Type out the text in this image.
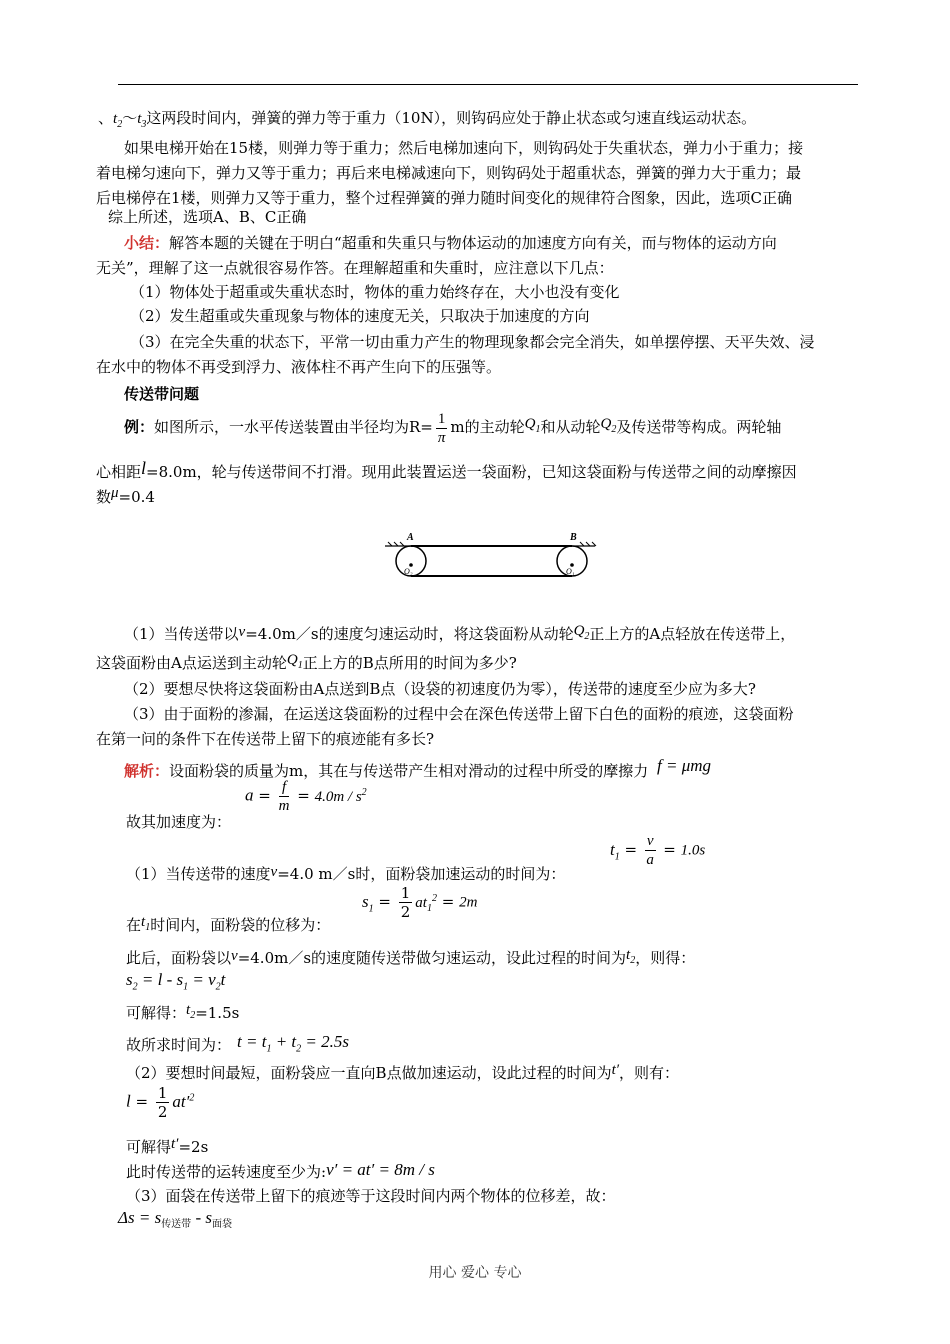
、$t_2\sim t_3$这两段时间内，弹簧的弹力等于重力（10N），则钩码应处于静止状态或匀速直线运动状态。
如果电梯开始在15楼，则弹力等于重力；然后电梯加速向下，则钩码处于失重状态，弹力小于重力；接
着电梯匀速向下，弹力又等于重力；再后来电梯减速向下，则钩码处于超重状态，弹簧的弹力大于重力；最
后电梯停在1楼，则弹力又等于重力，整个过程弹簧的弹力随时间变化的规律符合图象，因此，选项C正确
综上所述，选项A、B、C正确
小结：解答本题的关键在于明白“超重和失重只与物体运动的加速度方向有关，而与物体的运动方向
无关”，理解了这一点就很容易作答。在理解超重和失重时，应注意以下几点：
（1）物体处于超重或失重状态时，物体的重力始终存在，大小也没有变化
（2）发生超重或失重现象与物体的速度无关，只取决于加速度的方向
（3）在完全失重的状态下，平常一切由重力产生的物理现象都会完全消失，如单摆停摆、天平失效、浸
在水中的物体不再受到浮力、液体柱不再产生向下的压强等。
传送带问题
例：如图所示，一水平传送装置由半径均为$R= \frac{1}{\pi}$ m的主动轮$Q_1$和从动轮$Q_2$及传送带等构成。两轮轴
心相距l=8.0m，轮与传送带间不打滑。现用此装置运送一袋面粉，已知这袋面粉与传送带之间的动摩擦因
数μ=0.4
A	B
O₂	O₁
（1）当传送带以v=4.0m／s的速度匀速运动时，将这袋面粉从动轮$Q_2$正上方的A点轻放在传送带上，
这袋面粉由A点运送到主动轮$Q_1$正上方的B点所用的时间为多少?
（2）要想尽快将这袋面粉由A点送到B点（设袋的初速度仍为零），传送带的速度至少应为多大?
（3）由于面粉的渗漏，在运送这袋面粉的过程中会在深色传送带上留下白色的面粉的痕迹，这袋面粉
在第一问的条件下在传送带上留下的痕迹能有多长?
解析：设面粉袋的质量为m，其在与传送带产生相对滑动的过程中所受的摩擦力 f = μmg
$a = \frac{f}{m} = 4.0m / s^2$
故其加速度为：
$t_1 = \frac{v}{a} = 1.0s$
（1）当传送带的速度v=4.0 m／s时，面粉袋加速运动的时间为：
$s_1 = \frac{1}{2} at_1^2 = 2m$
在$t_1$时间内，面粉袋的位移为：
此后，面粉袋以v=4.0m／s的速度随传送带做匀速运动，设此过程的时间为$t_2$，则得：
$s_2 = l - s_1 = v_2t$
可解得：$t_2=1.5s$
故所求时间为： $t = t_1 + t_2 = 2.5s$
（2）要想时间最短，面粉袋应一直向B点做加速运动，设此过程的时间为t′，则有：
$l = \frac{1}{2} at'^2$
可解得t′=2s
此时传送带的运转速度至少为:v′ = at′ = 8m / s
（3）面袋在传送带上留下的痕迹等于这段时间内两个物体的位移差，故：
$\Delta s = s_{传送带} - s_{面袋}$
用心 爱心 专心
